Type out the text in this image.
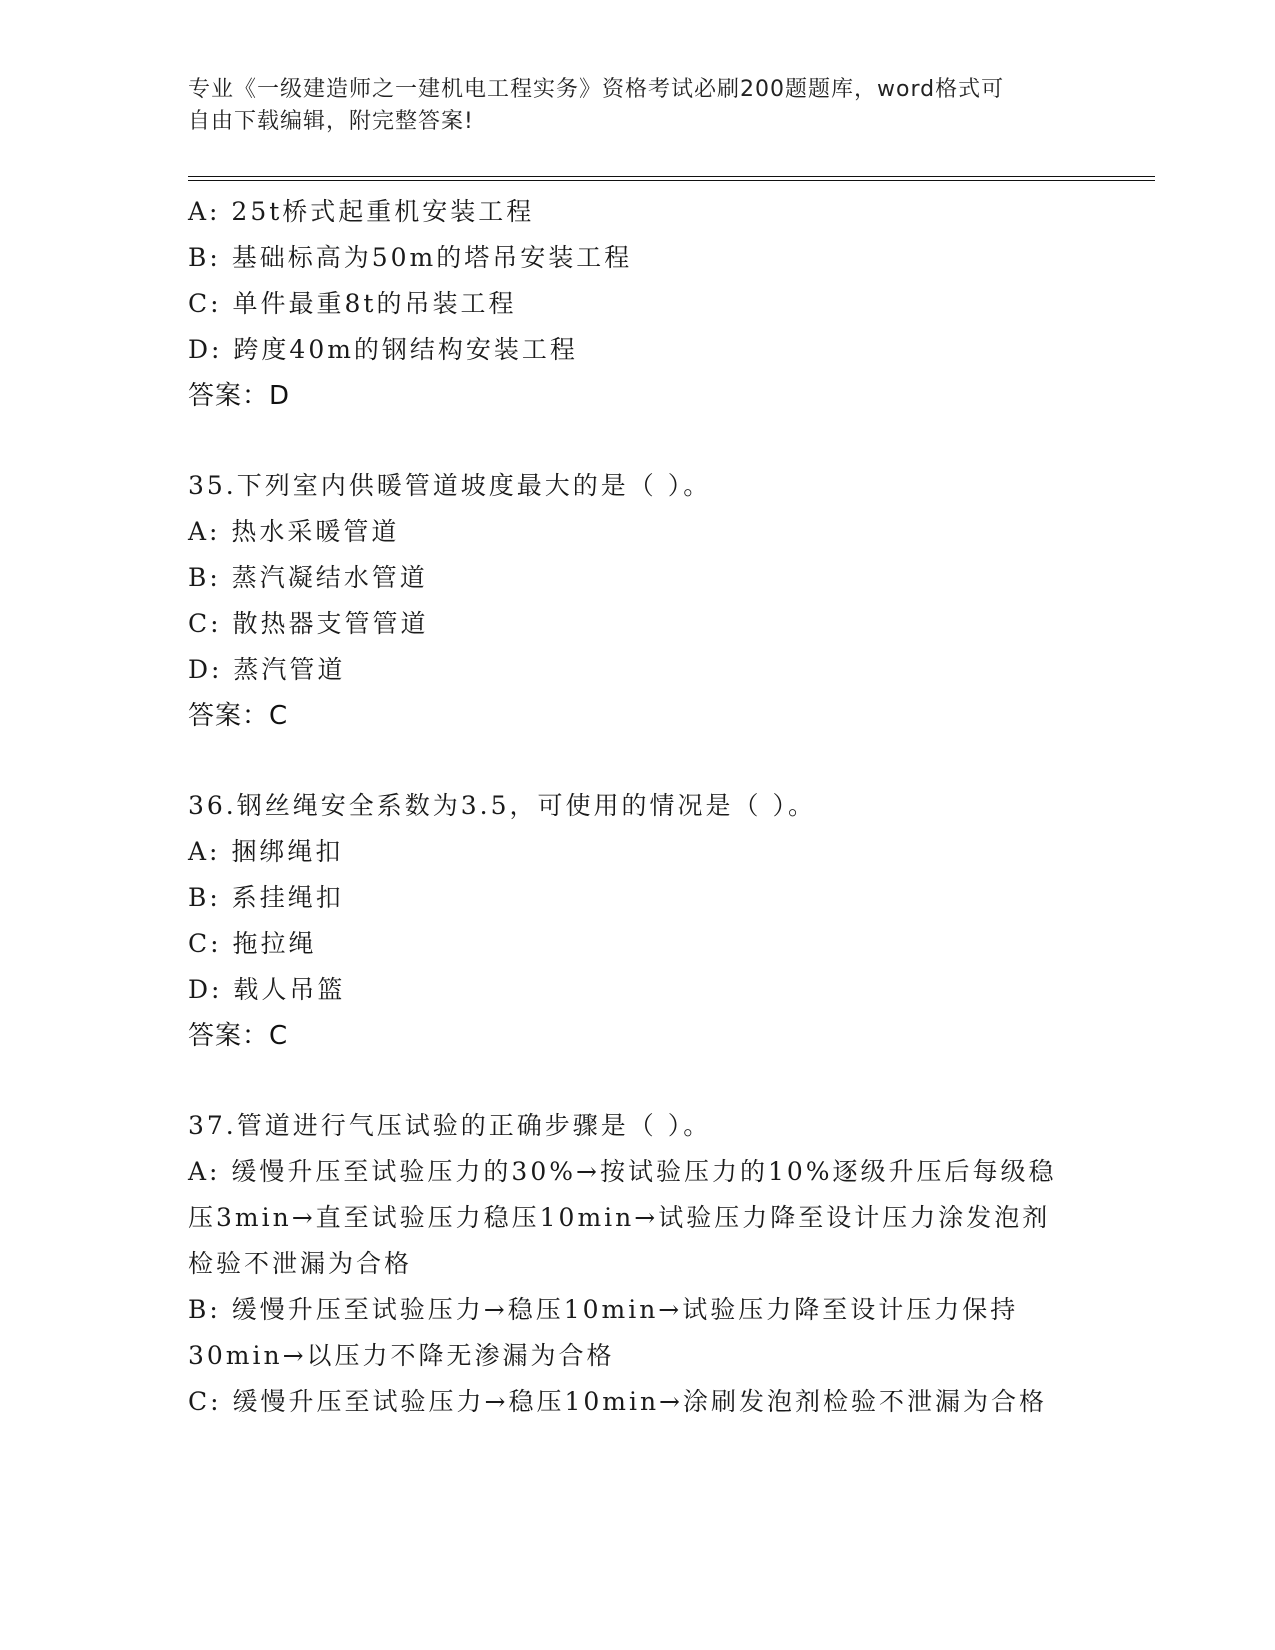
专业《一级建造师之一建机电工程实务》资格考试必刷200题题库，word格式可
自由下载编辑，附完整答案!
A: 25t桥式起重机安装工程
B: 基础标高为50m的塔吊安装工程
C: 单件最重8t的吊装工程
D: 跨度40m的钢结构安装工程
答案：D
35.下列室内供暖管道坡度最大的是（ ）。
A: 热水采暖管道
B: 蒸汽凝结水管道
C: 散热器支管管道
D: 蒸汽管道
答案：C
36.钢丝绳安全系数为3.5，可使用的情况是（ ）。
A: 捆绑绳扣
B: 系挂绳扣
C: 拖拉绳
D: 载人吊篮
答案：C
37.管道进行气压试验的正确步骤是（ ）。
A: 缓慢升压至试验压力的30%→按试验压力的10%逐级升压后每级稳
压3min→直至试验压力稳压10min→试验压力降至设计压力涂发泡剂
检验不泄漏为合格
B: 缓慢升压至试验压力→稳压10min→试验压力降至设计压力保持
30min→以压力不降无渗漏为合格
C: 缓慢升压至试验压力→稳压10min→涂刷发泡剂检验不泄漏为合格
